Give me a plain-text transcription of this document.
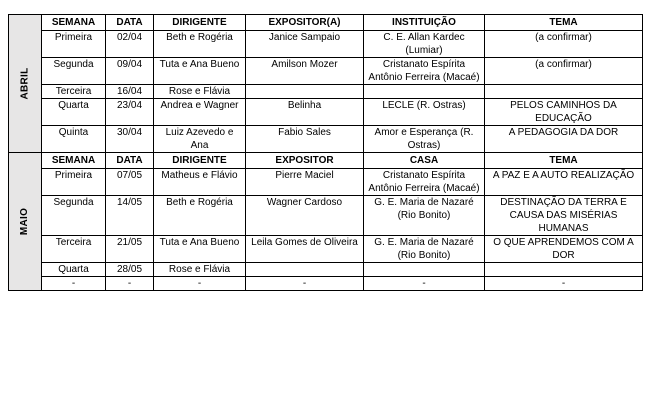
ABRIL	SEMANA	DATA	DIRIGENTE	EXPOSITOR(A)	INSTITUIÇÃO	TEMA
	Primeira	02/04	Beth e Rogéria	Janice Sampaio	C. E. Allan Kardec (Lumiar)	(a confirmar)
	Segunda	09/04	Tuta e Ana Bueno	Amilson Mozer	Cristanato Espírita Antônio Ferreira (Macaé)	(a confirmar)
	Terceira	16/04	Rose e Flávia			
	Quarta	23/04	Andrea e Wagner	Belinha	LECLE (R. Ostras)	PELOS CAMINHOS DA EDUCAÇÃO
	Quinta	30/04	Luiz Azevedo e Ana	Fabio Sales	Amor e Esperança (R. Ostras)	A PEDAGOGIA DA DOR
MAIO	SEMANA	DATA	DIRIGENTE	EXPOSITOR	CASA	TEMA
	Primeira	07/05	Matheus e Flávio	Pierre Maciel	Cristanato Espírita Antônio Ferreira (Macaé)	A PAZ E A AUTO REALIZAÇÃO
	Segunda	14/05	Beth e Rogéria	Wagner Cardoso	G. E. Maria de Nazaré (Rio Bonito)	DESTINAÇÃO DA TERRA E CAUSA DAS MISÉRIAS HUMANAS
	Terceira	21/05	Tuta e Ana Bueno	Leila Gomes de Oliveira	G. E. Maria de Nazaré (Rio Bonito)	O QUE APRENDEMOS COM A DOR
	Quarta	28/05	Rose e Flávia			
	-	-	-	-	-	-
